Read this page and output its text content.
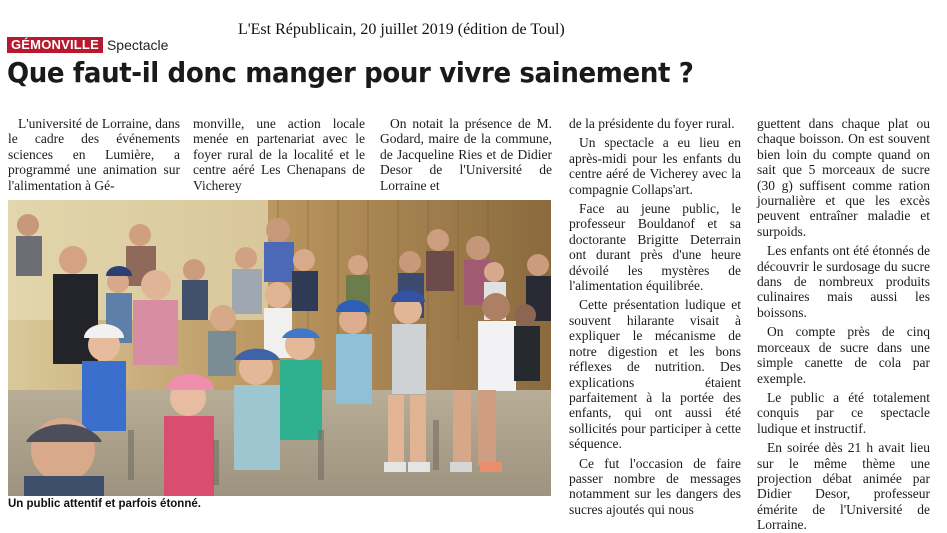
L'Est Républicain, 20 juillet 2019 (édition de Toul)
GÉMONVILLE Spectacle
Que faut-il donc manger pour vivre sainement ?

L'université de Lorraine, dans le cadre des événements sciences en Lumière, a programmé une animation sur l'alimentation à Gé-

monville, une action locale menée en partenariat avec le foyer rural de la localité et le centre aéré Les Chenapans de Vicherey

On notait la présence de M. Godard, maire de la commune, de Jacqueline Ries et de Didier Desor de l'Université de Lorraine et

de la présidente du foyer rural.

Un spectacle a eu lieu en après-midi pour les enfants du centre aéré de Vicherey avec la compagnie Collaps'art.

Face au jeune public, le professeur Bouldanof et sa doctorante Brigitte Deterrain ont durant près d'une heure dévoilé les mystères de l'alimentation équilibrée.

Cette présentation ludique et souvent hilarante visait à expliquer le mécanisme de notre digestion et les bons réflexes de nutrition. Des explications étaient parfaitement à la portée des enfants, qui ont aussi été sollicités pour participer à cette séquence.

Ce fut l'occasion de faire passer nombre de messages notamment sur les dangers des sucres ajoutés qui nous

guettent dans chaque plat ou chaque boisson. On est souvent bien loin du compte quand on sait que 5 morceaux de sucre (30 g) suffisent comme ration journalière et que les excès peuvent entraîner maladie et surpoids.

Les enfants ont été étonnés de découvrir le surdosage du sucre dans de nombreux produits culinaires mais aussi les boissons.

On compte près de cinq morceaux de sucre dans une simple canette de cola par exemple.

Le public a été totalement conquis par ce spectacle ludique et instructif.

En soirée dès 21 h avait lieu sur le même thème une projection débat animée par Didier Desor, professeur émérite de l'Université de Lorraine.

Un public attentif et parfois étonné.
